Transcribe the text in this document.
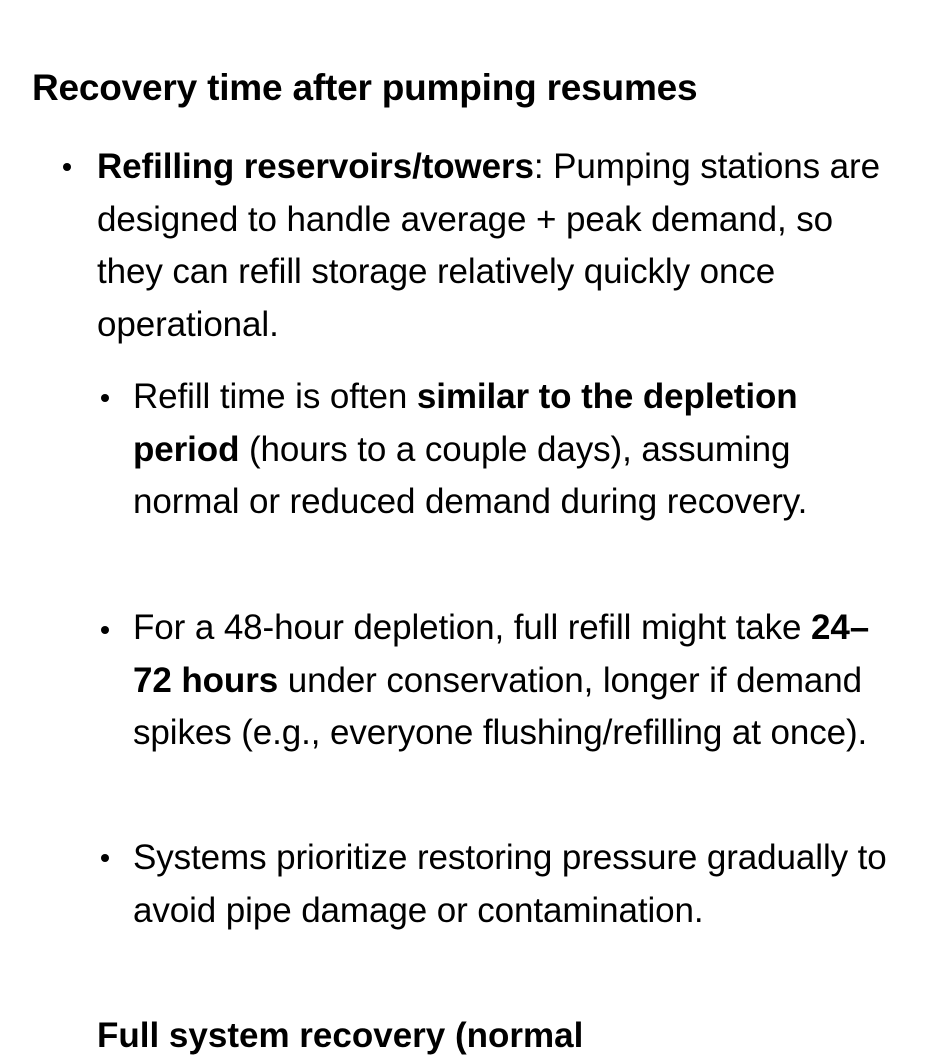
Recovery time after pumping resumes
Refilling reservoirs/towers: Pumping stations are designed to handle average + peak demand, so they can refill storage relatively quickly once operational.
Refill time is often similar to the depletion period (hours to a couple days), assuming normal or reduced demand during recovery.
For a 48-hour depletion, full refill might take 24–72 hours under conservation, longer if demand spikes (e.g., everyone flushing/refilling at once).
Systems prioritize restoring pressure gradually to avoid pipe damage or contamination.
Full system recovery (normal
